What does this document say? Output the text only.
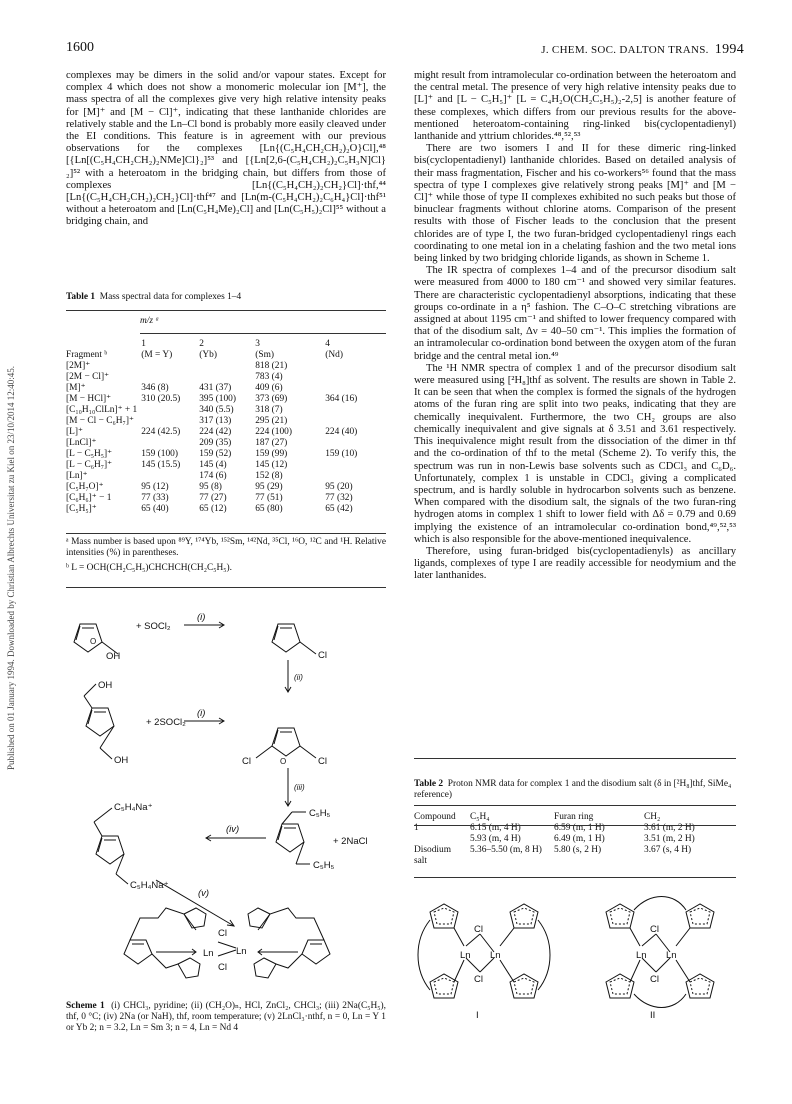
1600	J. CHEM. SOC. DALTON TRANS. 1994
Published on 01 January 1994. Downloaded by Christian Albrechts Universitat zu Kiel on 23/10/2014 12:40:45.

complexes may be dimers in the solid and/or vapour states. Except for complex 4 which does not show a monomeric molecular ion [M⁺], the mass spectra of all the complexes give very high relative intensity peaks for [M]⁺ and [M − Cl]⁺, indicating that these lanthanide chlorides are relatively stable and the Ln–Cl bond is probably more easily cleaved under the EI conditions. This feature is in agreement with our previous observations for the complexes [Ln{(C₅H₄CH₂CH₂)₂O}Cl],⁴⁸ [{Ln[(C₅H₄CH₂CH₂)₂NMe]Cl}₂]⁵³ and [{Ln[2,6-(C₅H₄CH₂)₂C₅H₃N]Cl}₂]⁵² with a heteroatom in the bridging chain, but differs from those of complexes [Ln{(C₅H₄CH₂)₂CH₂}Cl]·thf,⁴⁴ [Ln{(C₅H₄CH₂CH₂)₂CH₂}Cl]·thf⁴⁷ and [Ln(m-(C₅H₄CH₂)₂C₆H₄}Cl]·thf⁵¹ without a heteroatom and [Ln(C₅H₄Me)₂Cl] and [Ln(C₅H₅)₂Cl]⁵⁵ without a bridging chain, and

Table 1 Mass spectral data for complexes 1–4
m/z ᵃ
	1	2	3	4
Fragment ᵇ	(M = Y)	(Yb)	(Sm)	(Nd)
[2M]⁺			818 (21)	
[2M − Cl]⁺			783 (4)	
[M]⁺	346 (8)	431 (37)	409 (6)	
[M − HCl]⁺	310 (20.5)	395 (100)	373 (69)	364 (16)
[C₁₀H₁₀ClLn]⁺ + 1		340 (5.5)	318 (7)	
[M − Cl − C₆H₇]⁺		317 (13)	295 (21)	
[L]⁺	224 (42.5)	224 (42)	224 (100)	224 (40)
[LnCl]⁺		209 (35)	187 (27)	
[L − C₅H₅]⁺	159 (100)	159 (52)	159 (99)	159 (10)
[L − C₆H₇]⁺	145 (15.5)	145 (4)	145 (12)	
[Ln]⁺		174 (6)	152 (8)	
[C₅H₇O]⁺	95 (12)	95 (8)	95 (29)	95 (20)
[C₆H₆]⁺ − 1	77 (33)	77 (27)	77 (51)	77 (32)
[C₅H₅]⁺	65 (40)	65 (12)	65 (80)	65 (42)
ᵃ Mass number is based upon ⁸⁹Y, ¹⁷⁴Yb, ¹⁵²Sm, ¹⁴²Nd, ³⁵Cl, ¹⁶O, ¹²C and ¹H. Relative intensities (%) in parentheses.
ᵇ L = OCH(CH₂C₅H₅)CHCHCH(CH₂C₅H₅).
OH
O
+ SOCl₂
(i)
Cl
(ii)
OH
OH
+ 2SOCl₂
(i)
Cl	Cl
O
(iii)
C₅H₅
C₅H₅
+ 2NaCl
(iv)
C₅H₄Na⁺
C₅H₄Na⁺
(v)
Ln Ln
Cl
Cl
Scheme 1 (i) CHCl₃, pyridine; (ii) (CH₂O)ₙ, HCl, ZnCl₂, CHCl₃; (iii) 2Na(C₅H₅), thf, 0 °C; (iv) 2Na (or NaH), thf, room temperature; (v) 2LnCl₃·nthf, n = 0, Ln = Y 1 or Yb 2; n = 3.2, Ln = Sm 3; n = 4, Ln = Nd 4

might result from intramolecular co-ordination between the heteroatom and the central metal. The presence of very high relative intensity peaks due to [L]⁺ and [L − C₅H₅]⁺ [L = C₄H₂O(CH₂C₅H₅)₂-2,5] is another feature of these complexes, which differs from our previous results for the above-mentioned heteroatom-containing ring-linked bis(cyclopentadienyl) lanthanide and yttrium chlorides.⁴⁸,⁵²,⁵³

There are two isomers I and II for these dimeric ring-linked bis(cyclopentadienyl) lanthanide chlorides. Based on detailed analysis of their mass fragmentation, Fischer and his co-workers⁵⁶ found that the mass spectra of type I complexes give relatively strong peaks [M]⁺ and [M − Cl]⁺ while those of type II complexes exhibited no such peaks but those of binuclear fragments without chlorine atoms. Comparison of the present results with those of Fischer leads to the conclusion that the present chlorides are of type I, the two furan-bridged cyclopentadienyl rings each coordinating to one metal ion in a chelating fashion and the two metal ions being linked by two bridging chloride ligands, as shown in Scheme 1.

The IR spectra of complexes 1–4 and of the precursor disodium salt were measured from 4000 to 180 cm⁻¹ and showed very similar features. There are characteristic cyclopentadienyl absorptions, indicating that these groups co-ordinate in a η⁵ fashion. The C–O–C stretching vibrations are assigned at about 1195 cm⁻¹ and shifted to lower frequency compared with that of the disodium salt, Δν = 40–50 cm⁻¹. This implies the formation of an intramolecular co-ordination bond between the oxygen atom of the furan bridge and the central metal ion.⁴⁹

The ¹H NMR spectra of complex 1 and of the precursor disodium salt were measured using [²H₈]thf as solvent. The results are shown in Table 2. It can be seen that when the complex is formed the signals of the hydrogen atoms of the furan ring are split into two peaks, indicating that they are chemically inequivalent. Furthermore, the two CH₂ groups are also chemically inequivalent and give signals at δ 3.51 and 3.61 respectively. This inequivalence might result from the dissociation of the dimer in thf and the co-ordination of thf to the metal (Scheme 2). To verify this, the spectrum was run in non-Lewis base solvents such as CDCl₃ and C₆D₆. Unfortunately, complex 1 is unstable in CDCl₃ giving a complicated spectrum, and is hardly soluble in hydrocarbon solvents such as benzene. When compared with the disodium salt, the signals of the two furan-ring hydrogen atoms in complex 1 shift to lower field with Δδ = 0.79 and 0.69 implying the existence of an intramolecular co-ordination bond,⁴⁹,⁵²,⁵³ which is also responsible for the above-mentioned inequivalence.

Therefore, using furan-bridged bis(cyclopentadienyls) as ancillary ligands, complexes of type I are readily accessible for neodymium and the later lanthanides.

Table 2 Proton NMR data for complex 1 and the disodium salt (δ in [²H₈]thf, SiMe₄ reference)
Compound	C₅H₄	Furan ring	CH₂
1	6.15 (m, 4 H)	6.59 (m, 1 H)	3.61 (m, 2 H)
	5.93 (m, 4 H)	6.49 (m, 1 H)	3.51 (m, 2 H)
Disodium	5.36–5.50 (m, 8 H)	5.80 (s, 2 H)	3.67 (s, 4 H)
salt			
Ln Ln
Cl
Cl
Ln Ln
Cl
Cl
I	II
